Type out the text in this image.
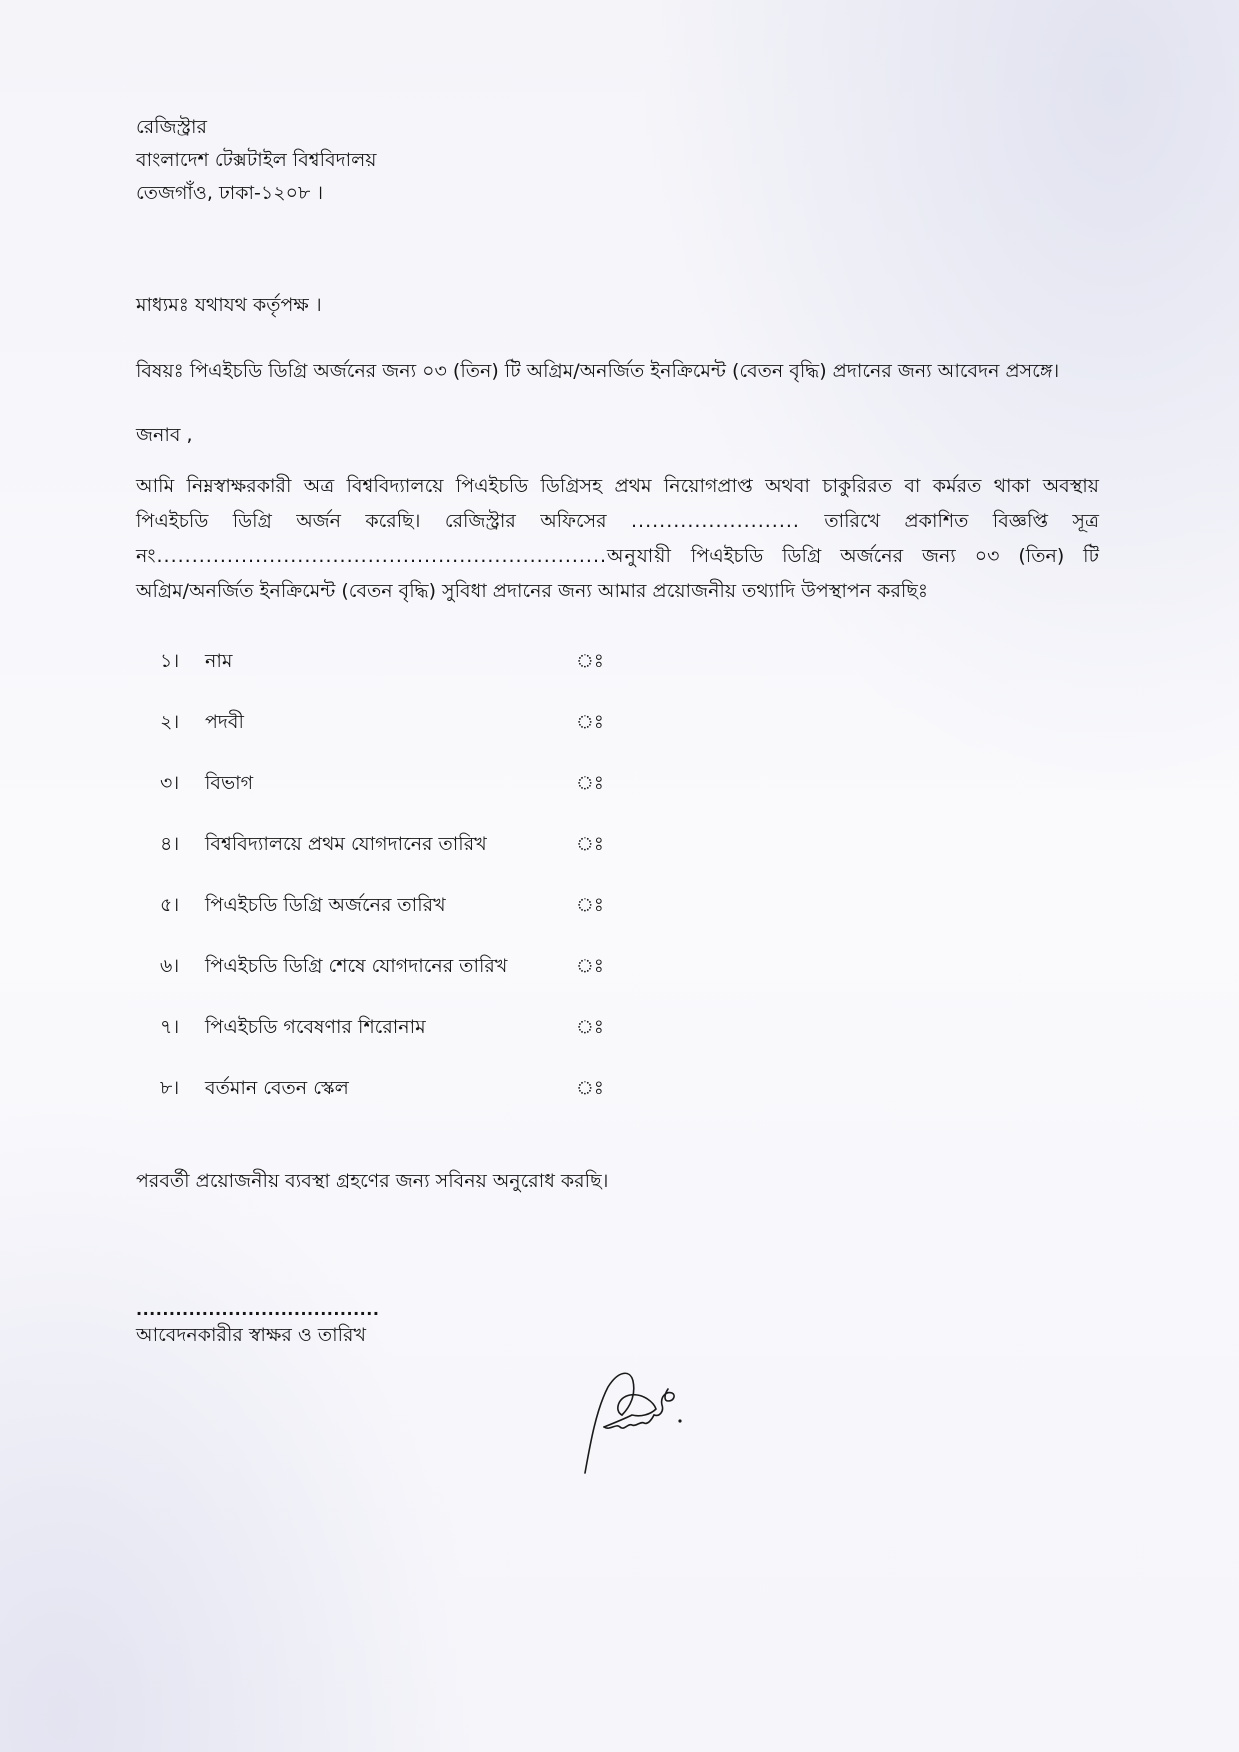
রেজিস্ট্রার
বাংলাদেশ টেক্সটাইল বিশ্ববিদালয়
তেজগাঁও, ঢাকা-১২০৮ ।
মাধ্যমঃ যথাযথ কর্তৃপক্ষ ।
বিষয়ঃ পিএইচডি ডিগ্রি অর্জনের জন্য ০৩ (তিন) টি অগ্রিম/অনর্জিত ইনক্রিমেন্ট (বেতন বৃদ্ধি) প্রদানের জন্য আবেদন প্রসঙ্গে।
জনাব ,
আমি নিম্নস্বাক্ষরকারী অত্র বিশ্ববিদ্যালয়ে পিএইচডি ডিগ্রিসহ প্রথম নিয়োগপ্রাপ্ত অথবা চাকুরিরত বা কর্মরত থাকা অবস্থায়
পিএইচডি ডিগ্রি অর্জন করেছি। রেজিস্ট্রার অফিসের ........................ তারিখে প্রকাশিত বিজ্ঞপ্তি সূত্র
নং................................................................অনুযায়ী পিএইচডি ডিগ্রি অর্জনের জন্য ০৩ (তিন) টি
অগ্রিম/অনর্জিত ইনক্রিমেন্ট (বেতন বৃদ্ধি) সুবিধা প্রদানের জন্য আমার প্রয়োজনীয় তথ্যাদি উপস্থাপন করছিঃ
১।	নাম	ঃ
২।	পদবী	ঃ
৩।	বিভাগ	ঃ
৪।	বিশ্ববিদ্যালয়ে প্রথম যোগদানের তারিখ	ঃ
৫।	পিএইচডি ডিগ্রি অর্জনের তারিখ	ঃ
৬।	পিএইচডি ডিগ্রি শেষে যোগদানের তারিখ	ঃ
৭।	পিএইচডি গবেষণার শিরোনাম	ঃ
৮।	বর্তমান বেতন স্কেল	ঃ
পরবর্তী প্রয়োজনীয় ব্যবস্থা গ্রহণের জন্য সবিনয় অনুরোধ করছি।
.....................................
আবেদনকারীর স্বাক্ষর ও তারিখ
